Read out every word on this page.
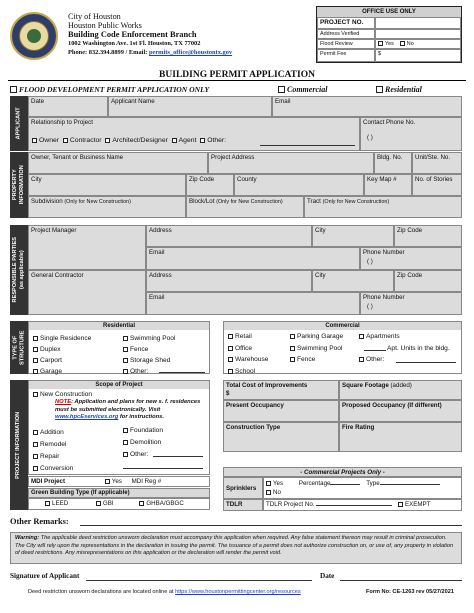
City of Houston
Houston Public Works
Building Code Enforcement Branch
1002 Washington Ave. 1st Fl. Houston, TX 77002
Phone: 832.394.8899 / Email: permits_office@houstontx.gov
OFFICE USE ONLY
PROJECT NO.
Address Verified
Flood Review	Yes No
Permit Fee	$
BUILDING PERMIT APPLICATION
FLOOD DEVELOPMENT PERMIT APPLICATION ONLY	Commercial	Residential
APPLICANT
Date	Applicant Name	Email
Relationship to Project
Owner Contractor Architect/Designer Agent Other:
Contact Phone No.
( )
PROPERTY
INFORMATION
Owner, Tenant or Business Name	Project Address	Bldg. No.	Unit/Ste. No.
City	Zip Code	County	Key Map #	No. of Stories
Subdivision (Only for New Construction)	Block/Lot (Only for New Construction)	Tract (Only for New Construction)
RESPONSIBLE PARTIES
(as applicable)
Project Manager	Address	City	Zip Code
Email	Phone Number
( )
General Contractor	Address	City	Zip Code
Email	Phone Number
( )
TYPE OF
STRUCTURE
Residential
Single Residence
Duplex
Carport
Garage
Swimming Pool
Fence
Storage Shed
Other:
Commercial
Retail
Office
Warehouse
School
Parking Garage
Swimming Pool
Fence
Apartments
Apt. Units in the bldg.
Other:
PROJECT INFORMATION
Scope of Project
New Construction
NOTE: Application and plans for new s. f. residences must be submitted electronically. Visit www.hpcEservices.org for instructions.
Addition
Remodel
Repair
Conversion
Foundation
Demolition
Other:
MDI Project	Yes MDI Reg #
Green Building Type (If applicable)
LEED	GBI	GHBA/GBGC
Total Cost of Improvements
$
Square Footage (added)
Present Occupancy	Proposed Occupancy (If different)
Construction Type	Fire Rating
- Commercial Projects Only -
Sprinklers
Yes	Percentage	Type
No
TDLR	TDLR Project No.	EXEMPT
Other Remarks:
Warning: The applicable deed restriction unsworn declaration must accompany this application when required. Any false statement thereon may result in criminal prosecution. The City will rely upon the representations in the declaration in issuing the permit. The issuance of a permit does not authorize construction on, or use of, any property in violation of deed restrictions. Any misrepresentations on this application or the declaration will render the permit void.
Signature of Applicant	Date
Deed restriction unsworn declarations are located online at https://www.houstonpermittingcenter.org/resources	Form No: CE-1263 rev 05/27/2021
